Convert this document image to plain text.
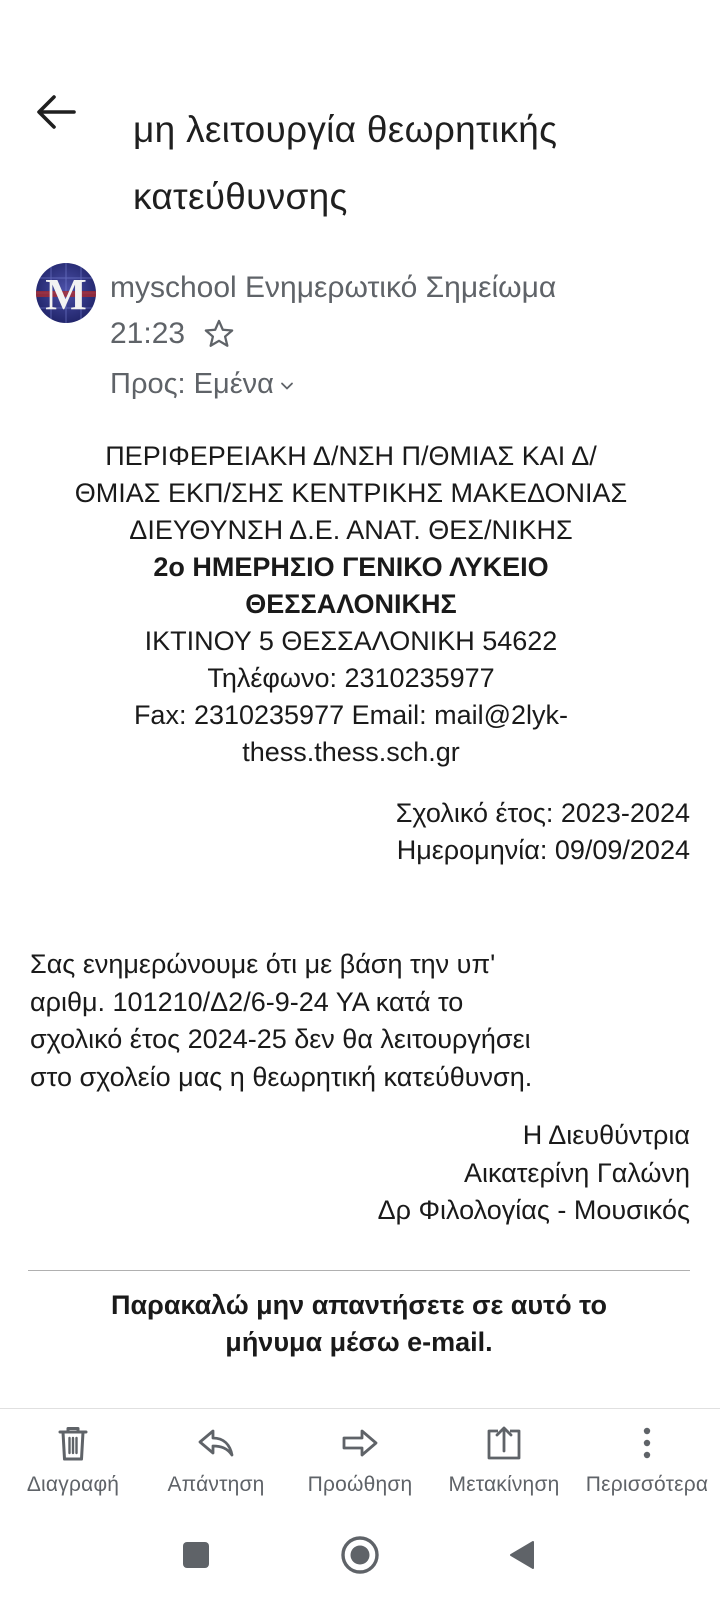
μη λειτουργία θεωρητικής
κατεύθυνσης
M myschool Ενημερωτικό Σημείωμα
21:23
Προς: Εμένα
ΠΕΡΙΦΕΡΕΙΑΚΗ Δ/ΝΣΗ Π/ΘΜΙΑΣ ΚΑΙ Δ/
ΘΜΙΑΣ ΕΚΠ/ΣΗΣ ΚΕΝΤΡΙΚΗΣ ΜΑΚΕΔΟΝΙΑΣ
ΔΙΕΥΘΥΝΣΗ Δ.Ε. ΑΝΑΤ. ΘΕΣ/ΝΙΚΗΣ
2ο ΗΜΕΡΗΣΙΟ ΓΕΝΙΚΟ ΛΥΚΕΙΟ
ΘΕΣΣΑΛΟΝΙΚΗΣ
ΙΚΤΙΝΟΥ 5 ΘΕΣΣΑΛΟΝΙΚΗ 54622
Τηλέφωνο: 2310235977
Fax: 2310235977 Email: mail@2lyk-
thess.thess.sch.gr
Σχολικό έτος: 2023-2024
Ημερομηνία: 09/09/2024
Σας ενημερώνουμε ότι με βάση την υπ'
αριθμ. 101210/Δ2/6-9-24 ΥΑ κατά το
σχολικό έτος 2024-25 δεν θα λειτουργήσει
στο σχολείο μας η θεωρητική κατεύθυνση.
Η Διευθύντρια
Αικατερίνη Γαλώνη
Δρ Φιλολογίας - Μουσικός
Παρακαλώ μην απαντήσετε σε αυτό το
μήνυμα μέσω e-mail.
Διαγραφή Απάντηση Προώθηση Μετακίνηση Περισσότερα
